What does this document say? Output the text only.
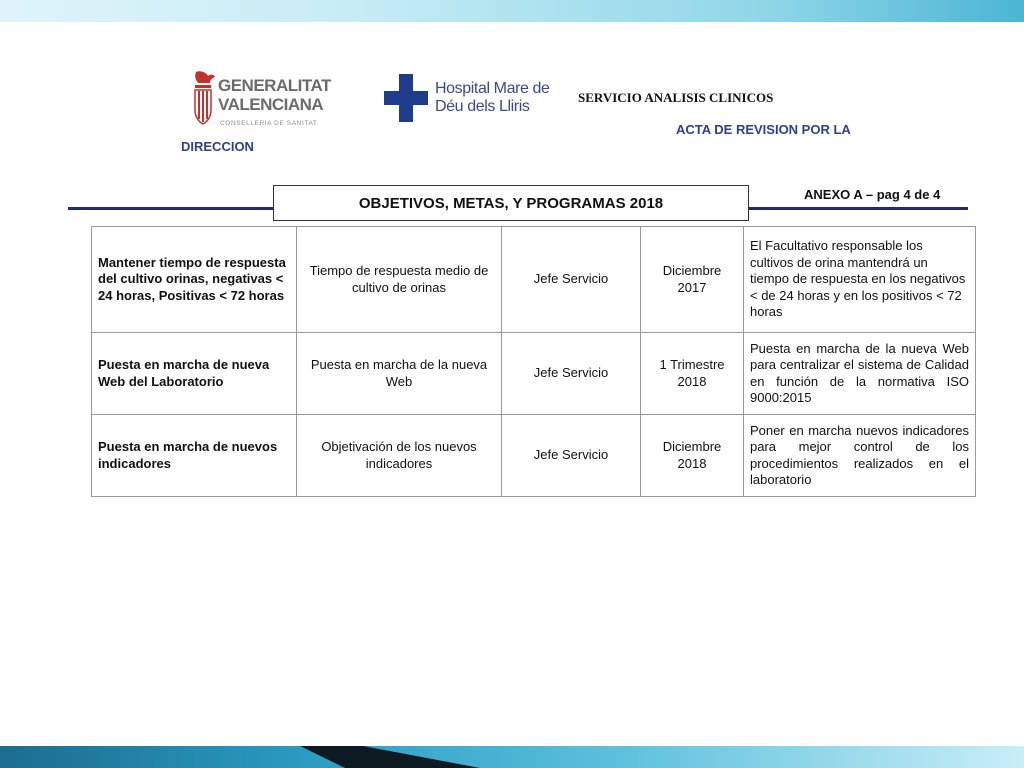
GENERALITAT
VALENCIANA
CONSELLERIA DE SANITAT
Hospital Mare de
Déu dels Lliris
SERVICIO ANALISIS CLINICOS
ACTA DE REVISION POR LA
DIRECCION
OBJETIVOS, METAS, Y PROGRAMAS 2018	ANEXO A – pag 4 de 4
Mantener tiempo de respuesta del cultivo orinas, negativas < 24 horas, Positivas < 72 horas	Tiempo de respuesta medio de cultivo de orinas	Jefe Servicio	Diciembre 2017	El Facultativo responsable los cultivos de orina mantendrá un tiempo de respuesta en los negativos < de 24 horas y en los positivos < 72 horas
Puesta en marcha de nueva Web del Laboratorio	Puesta en marcha de la nueva Web	Jefe Servicio	1 Trimestre 2018	Puesta en marcha de la nueva Web para centralizar el sistema de Calidad en función de la normativa ISO 9000:2015
Puesta en marcha de nuevos indicadores	Objetivación de los nuevos indicadores	Jefe Servicio	Diciembre 2018	Poner en marcha nuevos indicadores para mejor control de los procedimientos realizados en el laboratorio
